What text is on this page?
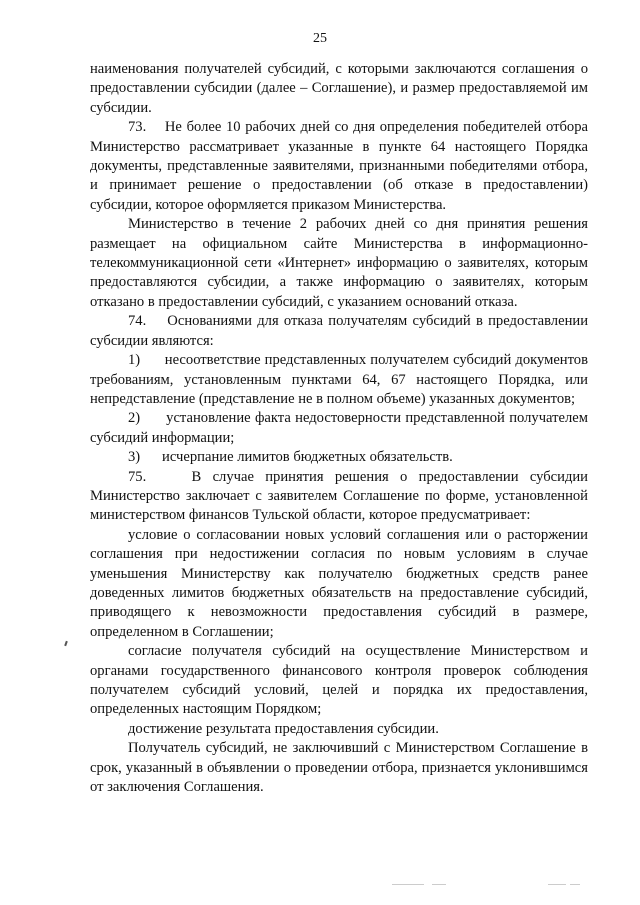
25

наименования получателей субсидий, с которыми заключаются соглашения о предоставлении субсидии (далее – Соглашение), и размер предоставляемой им субсидии.

73.    Не более 10 рабочих дней со дня определения победителей отбора Министерство рассматривает указанные в пункте 64 настоящего Порядка документы, представленные заявителями, признанными победителями отбора, и принимает решение о предоставлении (об отказе в предоставлении) субсидии, которое оформляется приказом Министерства.

Министерство в течение 2 рабочих дней со дня принятия решения размещает на официальном сайте Министерства в информационно-телекоммуникационной сети «Интернет» информацию о заявителях, которым предоставляются субсидии, а также информацию о заявителях, которым отказано в предоставлении субсидий, с указанием оснований отказа.

74.    Основаниями для отказа получателям субсидий в предоставлении субсидии являются:

1)      несоответствие представленных получателем субсидий документов требованиям, установленным пунктами 64, 67 настоящего Порядка, или непредставление (представление не в полном объеме) указанных документов;

2)      установление факта недостоверности представленной получателем субсидий информации;

3)      исчерпание лимитов бюджетных обязательств.

75.    В случае принятия решения о предоставлении субсидии Министерство заключает с заявителем Соглашение по форме, установленной министерством финансов Тульской области, которое предусматривает:

условие о согласовании новых условий соглашения или о расторжении соглашения при недостижении согласия по новым условиям в случае уменьшения Министерству как получателю бюджетных средств ранее доведенных лимитов бюджетных обязательств на предоставление субсидий, приводящего к невозможности предоставления субсидий в размере, определенном в Соглашении;

согласие получателя субсидий на осуществление Министерством и органами государственного финансового контроля проверок соблюдения получателем субсидий условий, целей и порядка их предоставления, определенных настоящим Порядком;

достижение результата предоставления субсидии.

Получатель субсидий, не заключивший с Министерством Соглашение в срок, указанный в объявлении о проведении отбора, признается уклонившимся от заключения Соглашения.
